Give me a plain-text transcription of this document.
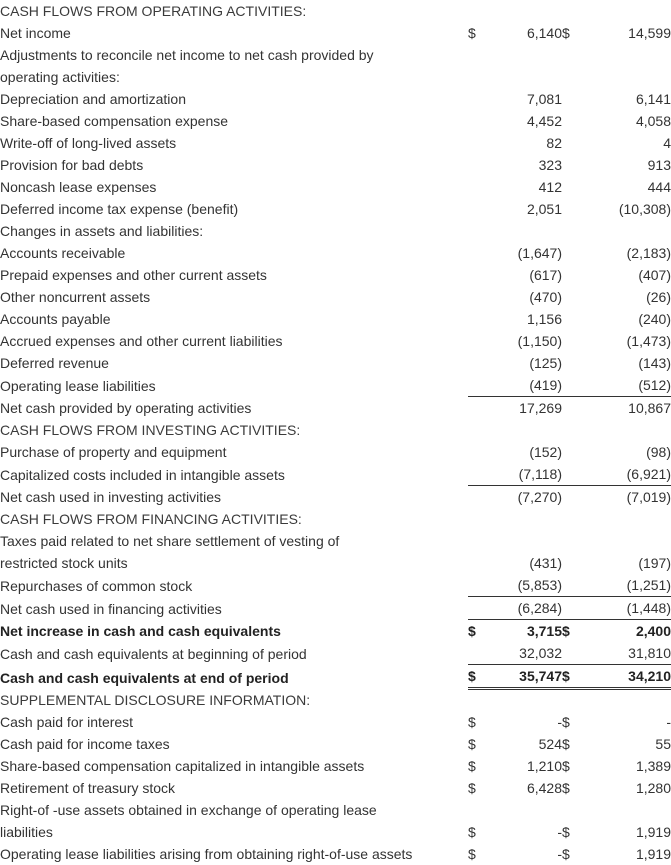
CASH FLOWS FROM OPERATING ACTIVITIES:				
Net income	$	6,140	$	14,599
Adjustments to reconcile net income to net cash provided by				
operating activities:				
Depreciation and amortization		7,081		6,141
Share-based compensation expense		4,452		4,058
Write-off of long-lived assets		82		4
Provision for bad debts		323		913
Noncash lease expenses		412		444
Deferred income tax expense (benefit)		2,051		(10,308)
Changes in assets and liabilities:				
Accounts receivable		(1,647)		(2,183)
Prepaid expenses and other current assets		(617)		(407)
Other noncurrent assets		(470)		(26)
Accounts payable		1,156		(240)
Accrued expenses and other current liabilities		(1,150)		(1,473)
Deferred revenue		(125)		(143)
Operating lease liabilities		(419)		(512)
Net cash provided by operating activities		17,269		10,867
CASH FLOWS FROM INVESTING ACTIVITIES:				
Purchase of property and equipment		(152)		(98)
Capitalized costs included in intangible assets		(7,118)		(6,921)
Net cash used in investing activities		(7,270)		(7,019)
CASH FLOWS FROM FINANCING ACTIVITIES:				
Taxes paid related to net share settlement of vesting of				
restricted stock units		(431)		(197)
Repurchases of common stock		(5,853)		(1,251)
Net cash used in financing activities		(6,284)		(1,448)
Net increase in cash and cash equivalents	$	3,715	$	2,400
Cash and cash equivalents at beginning of period		32,032		31,810
Cash and cash equivalents at end of period	$	35,747	$	34,210
SUPPLEMENTAL DISCLOSURE INFORMATION:				
Cash paid for interest	$	-	$	-
Cash paid for income taxes	$	524	$	55
Share-based compensation capitalized in intangible assets	$	1,210	$	1,389
Retirement of treasury stock	$	6,428	$	1,280
Right-of -use assets obtained in exchange of operating lease				
liabilities	$	-	$	1,919
Operating lease liabilities arising from obtaining right-of-use assets	$	-	$	1,919
